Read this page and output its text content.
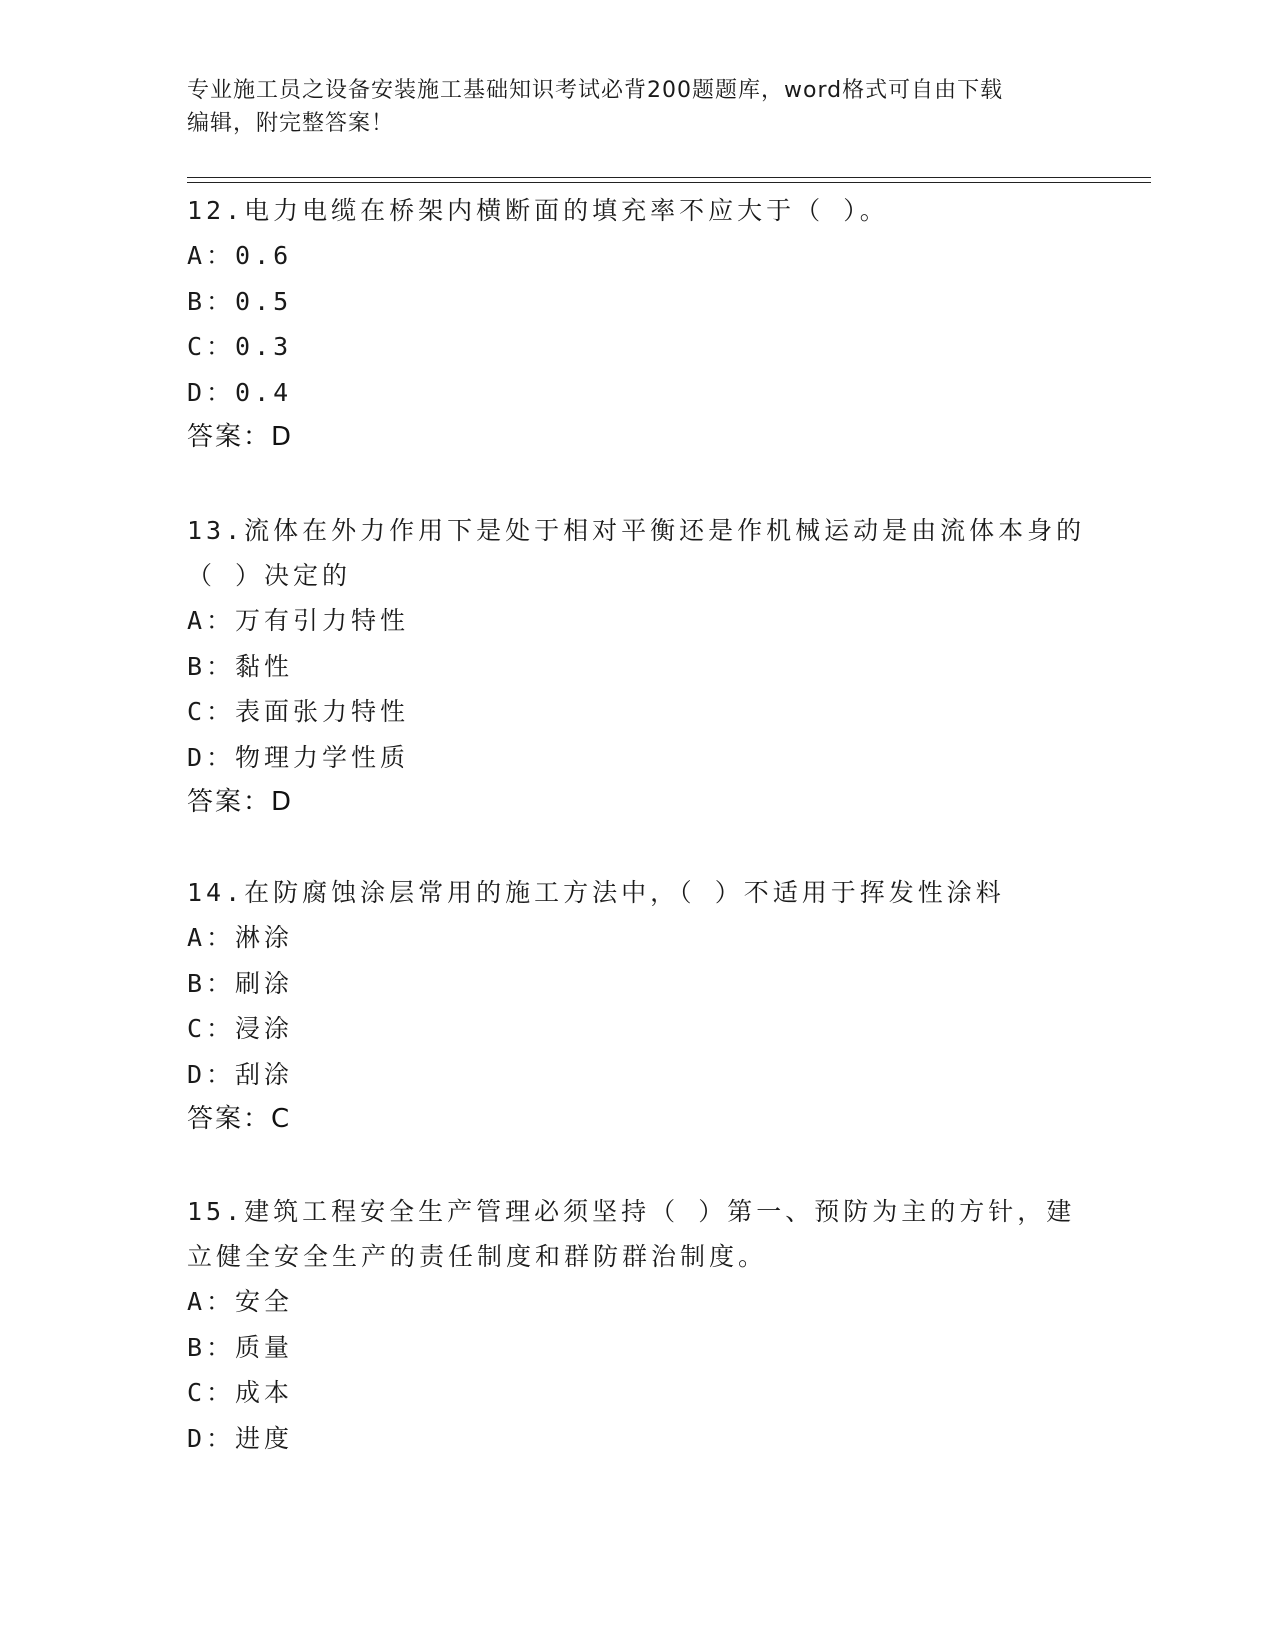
专业施工员之设备安装施工基础知识考试必背200题题库，word格式可自由下载
编辑，附完整答案！

12.电力电缆在桥架内横断面的填充率不应大于（ ）。

A：0.6

B：0.5

C：0.3

D：0.4

答案：D

13.流体在外力作用下是处于相对平衡还是作机械运动是由流体本身的

（ ）决定的

A：万有引力特性

B：黏性

C：表面张力特性

D：物理力学性质

答案：D

14.在防腐蚀涂层常用的施工方法中，（ ）不适用于挥发性涂料

A：淋涂

B：刷涂

C：浸涂

D：刮涂

答案：C

15.建筑工程安全生产管理必须坚持（ ）第一、预防为主的方针，建

立健全安全生产的责任制度和群防群治制度。

A：安全

B：质量

C：成本

D：进度
